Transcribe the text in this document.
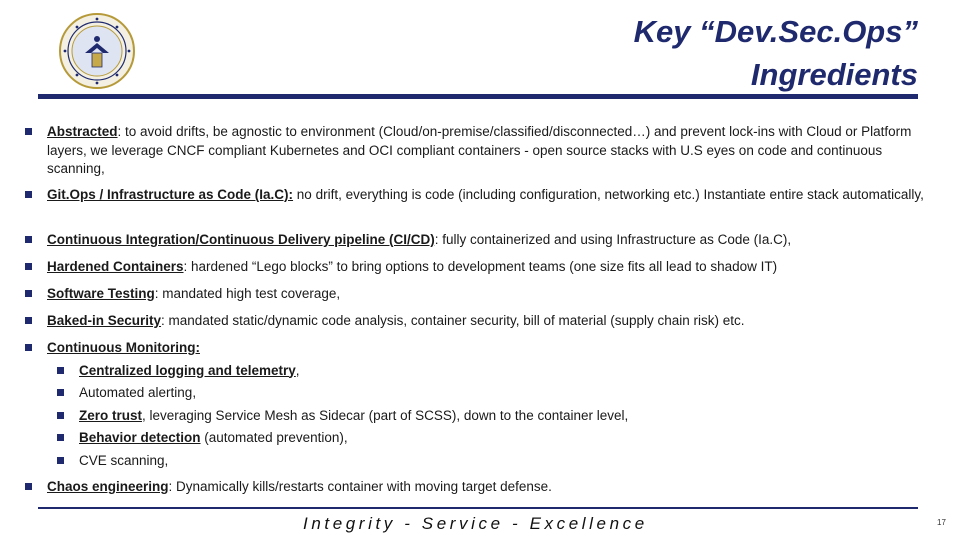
Key “Dev.Sec.Ops”
Ingredients
Abstracted: to avoid drifts, be agnostic to environment (Cloud/on-premise/classified/disconnected…) and prevent lock-ins with Cloud or Platform layers, we leverage CNCF compliant Kubernetes and OCI compliant containers - open source stacks with U.S eyes on code and continuous scanning,
Git.Ops / Infrastructure as Code (Ia.C): no drift, everything is code (including configuration, networking etc.) Instantiate entire stack automatically,
Continuous Integration/Continuous Delivery pipeline (CI/CD): fully containerized and using Infrastructure as Code (Ia.C),
Hardened Containers: hardened “Lego blocks” to bring options to development teams (one size fits all lead to shadow IT)
Software Testing: mandated high test coverage,
Baked-in Security: mandated static/dynamic code analysis, container security, bill of material (supply chain risk) etc.
Continuous Monitoring:
Centralized logging and telemetry,
Automated alerting,
Zero trust, leveraging Service Mesh as Sidecar (part of SCSS), down to the container level,
Behavior detection (automated prevention),
CVE scanning,
Chaos engineering: Dynamically kills/restarts container with moving target defense.
Integrity - Service - Excellence	17
